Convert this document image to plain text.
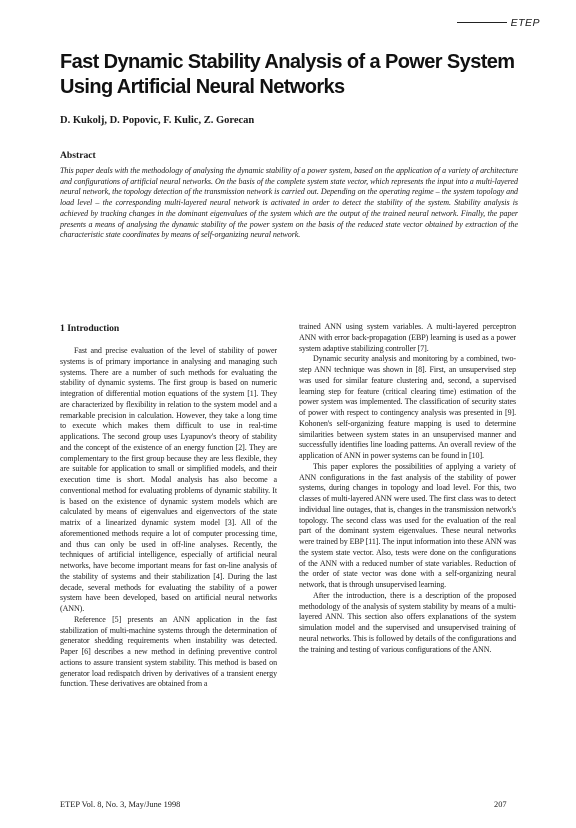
ETEP
Fast Dynamic Stability Analysis of a Power System Using Artificial Neural Networks

D. Kukolj, D. Popovic, F. Kulic, Z. Gorecan

Abstract

This paper deals with the methodology of analysing the dynamic stability of a power system, based on the application of a variety of architecture and configurations of artificial neural networks. On the basis of the complete system state vector, which represents the input into a multi-layered neural network, the topology detection of the transmission network is carried out. Depending on the operating regime – the system topology and load level – the corresponding multi-layered neural network is activated in order to detect the stability of the system. Stability analysis is achieved by tracking changes in the dominant eigenvalues of the system which are the output of the trained neural network. Finally, the paper presents a means of analysing the dynamic stability of the power system on the basis of the reduced state vector obtained by extraction of the characteristic state coordinates by means of self-organizing neural network.

1 Introduction

Fast and precise evaluation of the level of stability of power systems is of primary importance in analysing and managing such systems. There are a number of such methods for evaluating the stability of dynamic systems. The first group is based on numeric integration of differential motion equations of the system [1]. They are characterized by flexibility in relation to the system model and a remarkable precision in calculation. However, they take a long time to execute which makes them difficult to use in real-time applications. The second group uses Lyapunov's theory of stability and the concept of the existence of an energy function [2]. They are complementary to the first group because they are less flexible, they are suitable for application to small or simplified models, and their execution time is short. Modal analysis has also become a conventional method for evaluating problems of dynamic stability. It is based on the existence of dynamic system models which are calculated by means of eigenvalues and eigenvectors of the state matrix of a linearized dynamic system model [3]. All of the aforementioned methods require a lot of computer processing time, and thus can only be used in off-line analyses. Recently, the techniques of artificial intelligence, especially of artificial neural networks, have become important means for fast on-line analysis of the stability of systems and their stabilization [4]. During the last decade, several methods for evaluating the stability of a power system have been developed, based on artificial neural networks (ANN).

Reference [5] presents an ANN application in the fast stabilization of multi-machine systems through the determination of generator shedding requirements when instability was detected. Paper [6] describes a new method in defining preventive control actions to assure transient system stability. This method is based on generator load redispatch driven by derivatives of a transient energy function. These derivatives are obtained from a

trained ANN using system variables. A multi-layered perceptron ANN with error back-propagation (EBP) learning is used as a power system adaptive stabilizing controller [7].

Dynamic security analysis and monitoring by a combined, two-step ANN technique was shown in [8]. First, an unsupervised step was used for similar feature clustering and, second, a supervised learning step for feature (critical clearing time) estimation of the power system was implemented. The classification of security states of power with respect to contingency analysis was presented in [9]. Kohonen's self-organizing feature mapping is used to determine similarities between system states in an unsupervised manner and successfully identifies line loading patterns. An overall review of the application of ANN in power systems can be found in [10].

This paper explores the possibilities of applying a variety of ANN configurations in the fast analysis of the stability of power systems, during changes in topology and load level. For this, two classes of multi-layered ANN were used. The first class was to detect individual line outages, that is, changes in the transmission network's topology. The second class was used for the evaluation of the real part of the dominant system eigenvalues. These neural networks were trained by EBP [11]. The input information into these ANN was the system state vector. Also, tests were done on the configurations of the ANN with a reduced number of state variables. Reduction of the order of state vector was done with a self-organizing neural network, that is through unsupervised learning.

After the introduction, there is a description of the proposed methodology of the analysis of system stability by means of a multi-layered ANN. This section also offers explanations of the system simulation model and the supervised and unsupervised training of neural networks. This is followed by details of the configurations and the training and testing of various configurations of the ANN.

ETEP Vol. 8, No. 3, May/June 1998	207
